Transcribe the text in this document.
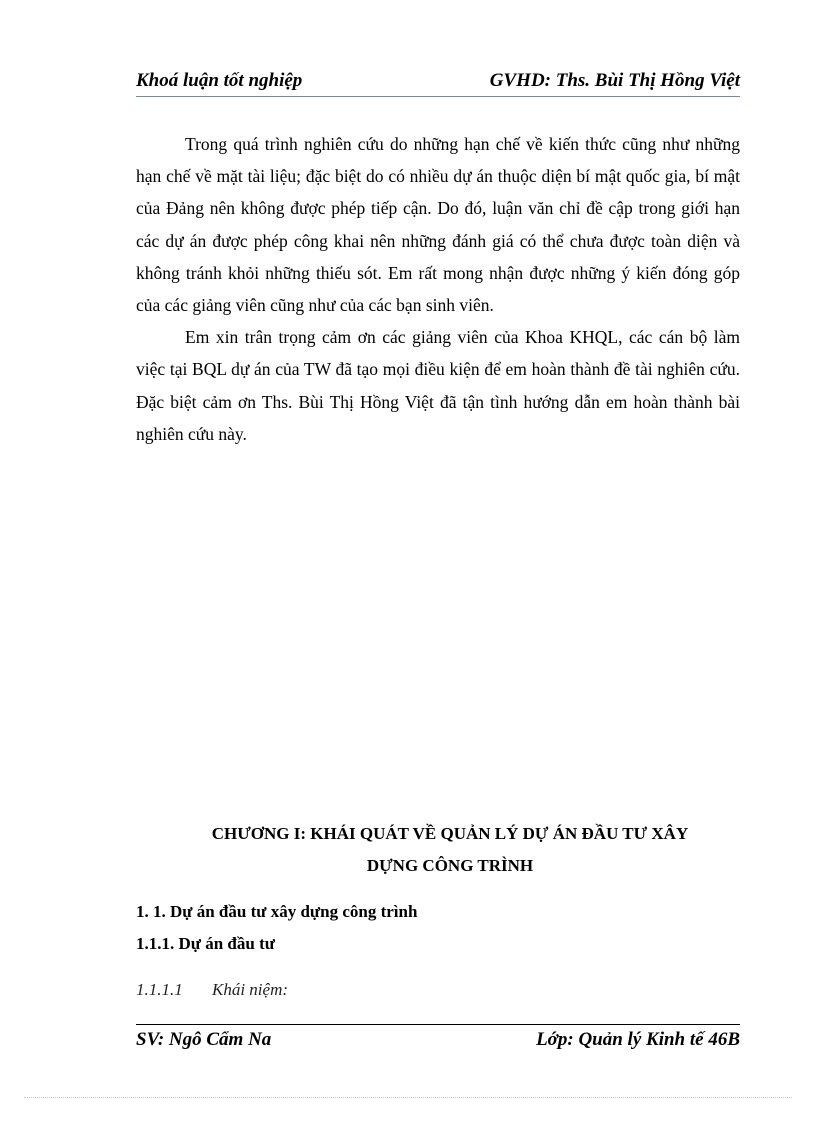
Khoá luận tốt nghiệp	GVHD: Ths. Bùi Thị Hồng Việt

Trong quá trình nghiên cứu do những hạn chế về kiến thức cũng như những hạn chế về mặt tài liệu; đặc biệt do có nhiều dự án thuộc diện bí mật quốc gia, bí mật của Đảng nên không được phép tiếp cận. Do đó, luận văn chỉ đề cập trong giới hạn các dự án được phép công khai nên những đánh giá có thể chưa được toàn diện và không tránh khỏi những thiếu sót. Em rất mong nhận được những ý kiến đóng góp của các giảng viên cũng như của các bạn sinh viên.

Em xin trân trọng cảm ơn các giảng viên của Khoa KHQL, các cán bộ làm việc tại BQL dự án của TW đã tạo mọi điều kiện để em hoàn thành đề tài nghiên cứu. Đặc biệt cảm ơn Ths. Bùi Thị Hồng Việt đã tận tình hướng dẫn em hoàn thành bài nghiên cứu này.

CHƯƠNG I: KHÁI QUÁT VỀ QUẢN LÝ DỰ ÁN ĐẦU TƯ XÂY
DỰNG CÔNG TRÌNH
1. 1. Dự án đầu tư xây dựng công trình
1.1.1. Dự án đầu tư
1.1.1.1 Khái niệm:
SV: Ngô Cẩm Na	Lớp: Quản lý Kinh tế 46B
